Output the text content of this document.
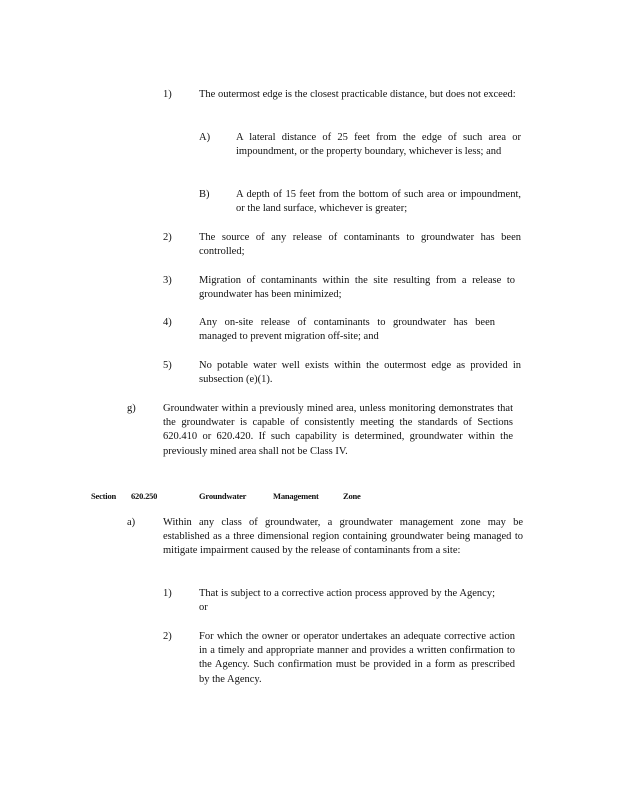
1)	The outermost edge is the closest practicable distance, but does not exceed:
A) A lateral distance of 25 feet from the edge of such area or impoundment, or the property boundary, whichever is less; and
B)	A depth of 15 feet from the bottom of such area or impoundment, or the land surface, whichever is greater;
2)	The source of any release of contaminants to groundwater has been controlled;
3)	Migration of contaminants within the site resulting from a release to groundwater has been minimized;
4)	Any on-site release of contaminants to groundwater has been managed to prevent migration off-site; and
5)	No potable water well exists within the outermost edge as provided in subsection (e)(1).
g)	Groundwater within a previously mined area, unless monitoring demonstrates that the groundwater is capable of consistently meeting the standards of Sections 620.410 or 620.420. If such capability is determined, groundwater within the previously mined area shall not be Class IV.
Section 620.250	Groundwater	Management	Zone
a)	Within any class of groundwater, a groundwater management zone may be established as a three dimensional region containing groundwater being managed to mitigate impairment caused by the release of contaminants from a site:
1)	That is subject to a corrective action process approved by the Agency; or
2)	For which the owner or operator undertakes an adequate corrective action in a timely and appropriate manner and provides a written confirmation to the Agency. Such confirmation must be provided in a form as prescribed by the Agency.
